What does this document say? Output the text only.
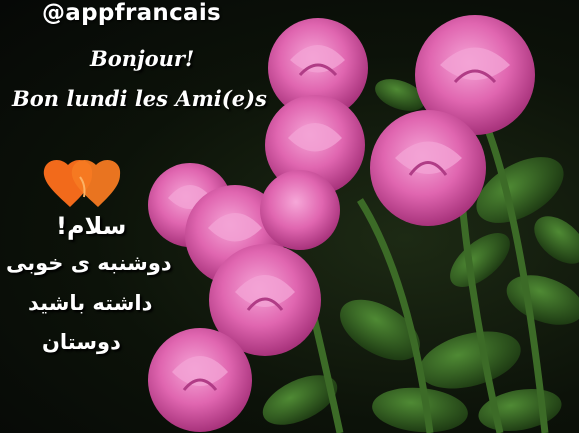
@appfrancais
Bonjour!
Bon lundi les Ami(e)s
سلام!
دوشنبه ی خوبی
داشته باشید
دوستان
